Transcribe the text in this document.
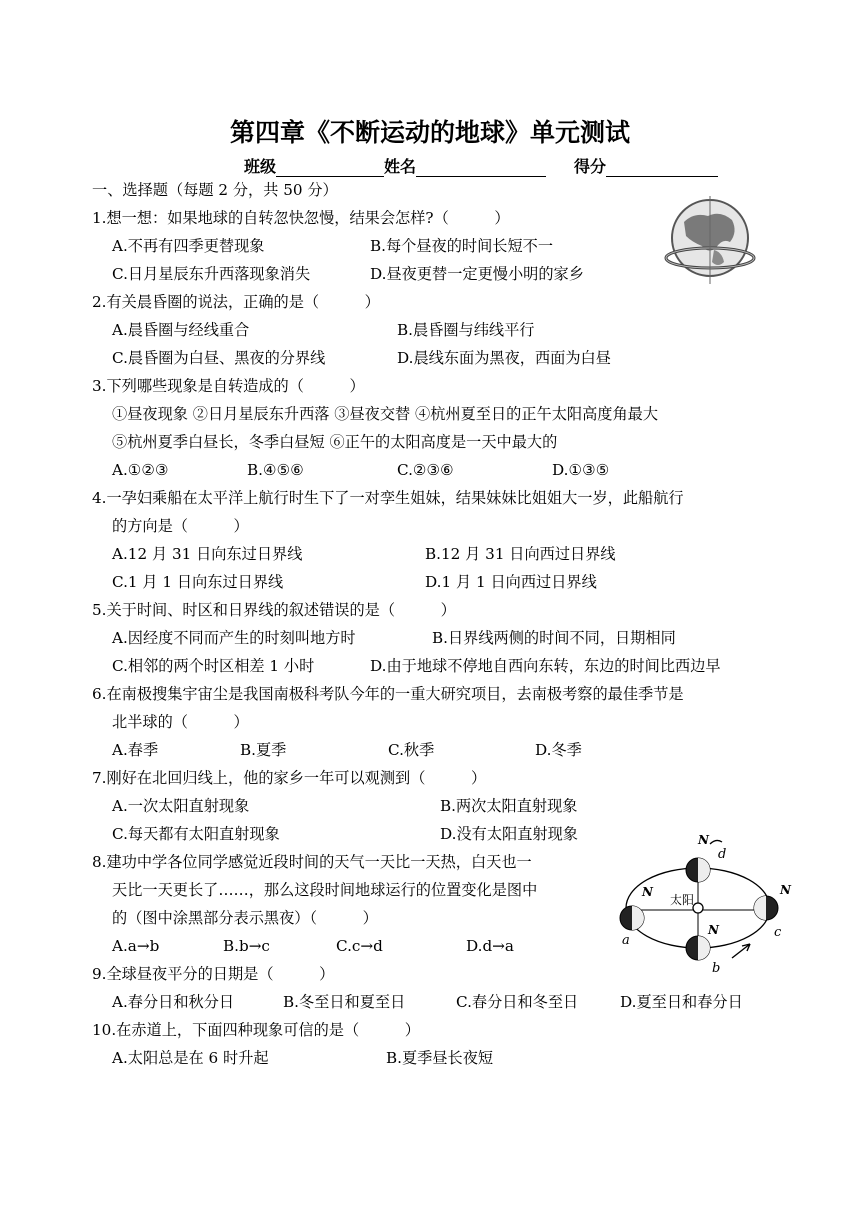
第四章《不断运动的地球》单元测试
班级	姓名	得分
一、选择题（每题 2 分，共 50 分）
1.想一想：如果地球的自转忽快忽慢，结果会怎样?（　　　）
A.不再有四季更替现象	B.每个昼夜的时间长短不一
C.日月星辰东升西落现象消失	D.昼夜更替一定更慢小明的家乡
2.有关晨昏圈的说法，正确的是（　　　）
A.晨昏圈与经线重合	B.晨昏圈与纬线平行
C.晨昏圈为白昼、黑夜的分界线	D.晨线东面为黑夜，西面为白昼
3.下列哪些现象是自转造成的（　　　）
①昼夜现象 ②日月星辰东升西落 ③昼夜交替 ④杭州夏至日的正午太阳高度角最大
⑤杭州夏季白昼长，冬季白昼短 ⑥正午的太阳高度是一天中最大的
A.①②③	B.④⑤⑥	C.②③⑥	D.①③⑤
4.一孕妇乘船在太平洋上航行时生下了一对孪生姐妹，结果妹妹比姐姐大一岁，此船航行
的方向是（　　　）
A.12 月 31 日向东过日界线	B.12 月 31 日向西过日界线
C.1 月 1 日向东过日界线	D.1 月 1 日向西过日界线
5.关于时间、时区和日界线的叙述错误的是（　　　）
A.因经度不同而产生的时刻叫地方时	B.日界线两侧的时间不同，日期相同
C.相邻的两个时区相差 1 小时	D.由于地球不停地自西向东转，东边的时间比西边早
6.在南极搜集宇宙尘是我国南极科考队今年的一重大研究项目，去南极考察的最佳季节是
北半球的（　　　）
A.春季	B.夏季	C.秋季	D.冬季
7.刚好在北回归线上，他的家乡一年可以观测到（　　　）
A.一次太阳直射现象	B.两次太阳直射现象
C.每天都有太阳直射现象	D.没有太阳直射现象
8.建功中学各位同学感觉近段时间的天气一天比一天热，白天也一
天比一天更长了……，那么这段时间地球运行的位置变化是图中
的（图中涂黑部分表示黑夜）（　　　）
A.a→b	B.b→c	C.c→d	D.d→a
太阳
d
N
a
N
c
N
b
N
9.全球昼夜平分的日期是（　　　）
A.春分日和秋分日	B.冬至日和夏至日	C.春分日和冬至日	D.夏至日和春分日
10.在赤道上，下面四种现象可信的是（　　　）
A.太阳总是在 6 时升起	B.夏季昼长夜短
